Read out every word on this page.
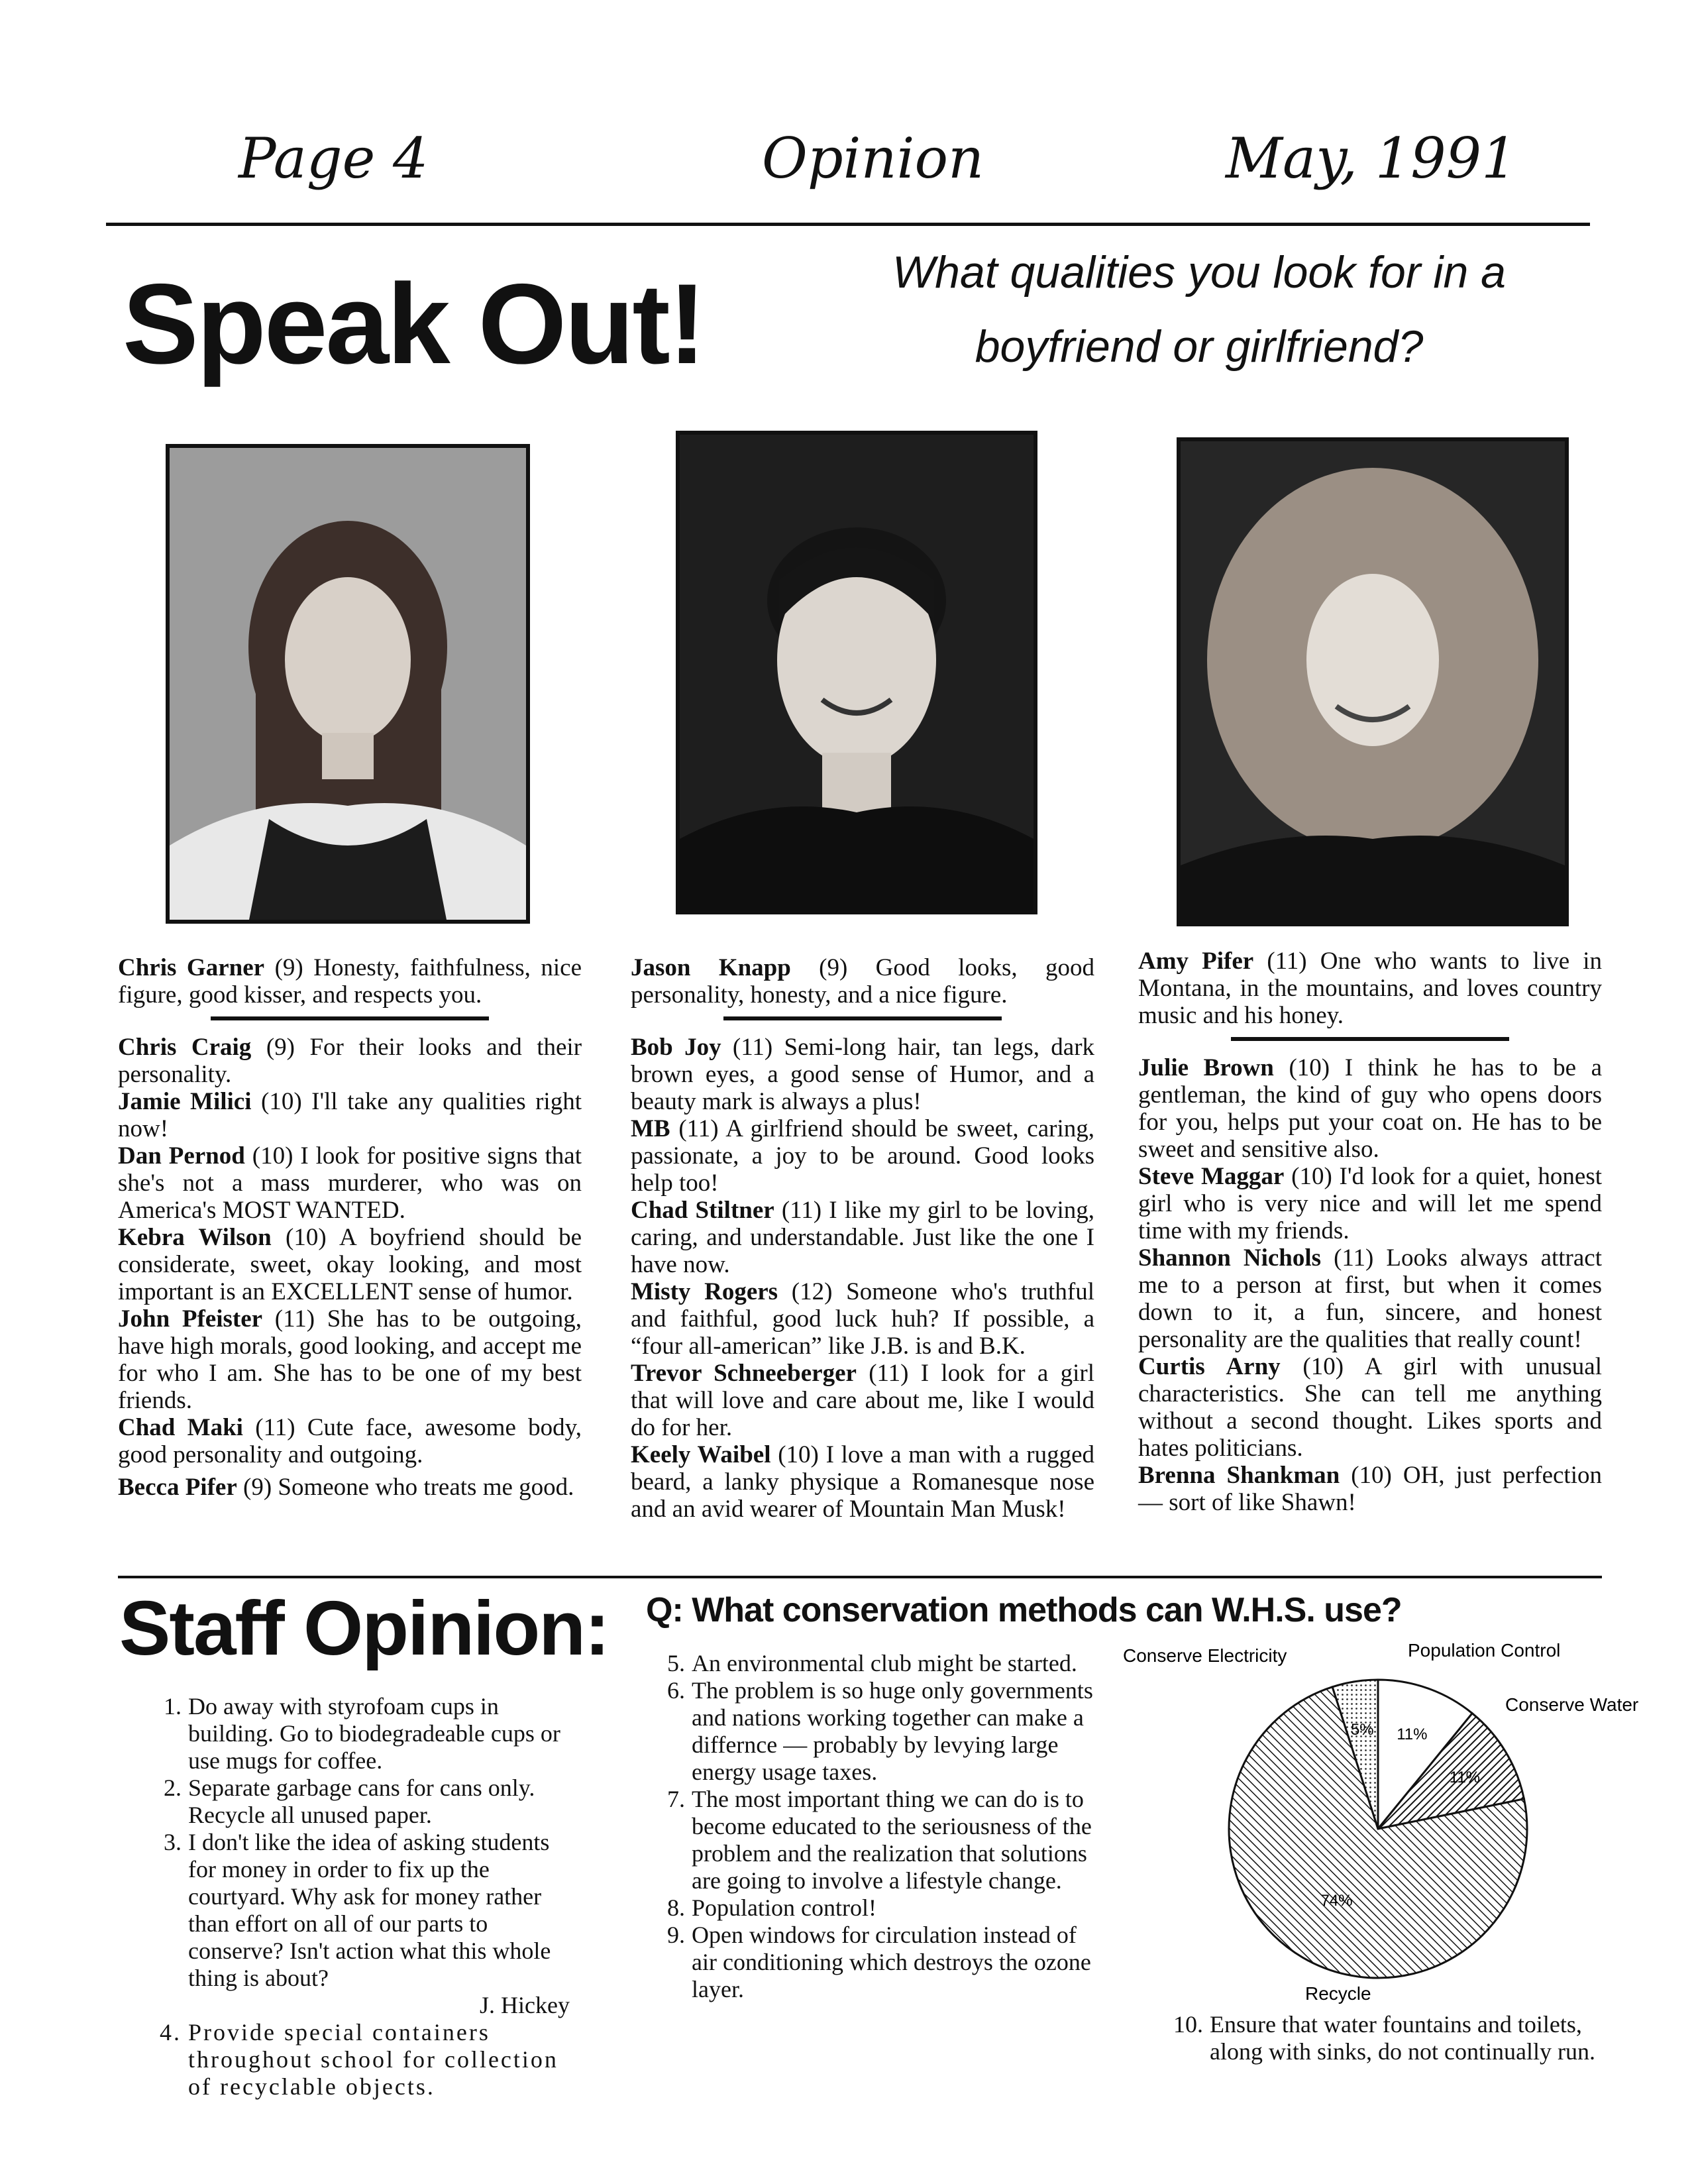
Page 4	Opinion	May, 1991
Speak Out!	What qualities you look for in a
boyfriend or girlfriend?

Chris Garner (9) Honesty, faithfulness, nice figure, good kisser, and respects you.

Chris Craig (9) For their looks and their personality.

Jamie Milici (10) I'll take any qualities right now!

Dan Pernod (10) I look for positive signs that she's not a mass murderer, who was on America's MOST WANTED.

Kebra Wilson (10) A boyfriend should be considerate, sweet, okay looking, and most important is an EXCELLENT sense of humor.

John Pfeister (11) She has to be outgoing, have high morals, good looking, and accept me for who I am. She has to be one of my best friends.

Chad Maki (11) Cute face, awesome body, good personality and outgoing.

Becca Pifer (9) Someone who treats me good.

Jason Knapp (9) Good looks, good personality, honesty, and a nice figure.

Bob Joy (11) Semi-long hair, tan legs, dark brown eyes, a good sense of Humor, and a beauty mark is always a plus!

MB (11) A girlfriend should be sweet, caring, passionate, a joy to be around. Good looks help too!

Chad Stiltner (11) I like my girl to be loving, caring, and understandable. Just like the one I have now.

Misty Rogers (12) Someone who's truthful and faithful, good luck huh? If possible, a “four all-american” like J.B. is and B.K.

Trevor Schneeberger (11) I look for a girl that will love and care about me, like I would do for her.

Keely Waibel (10) I love a man with a rugged beard, a lanky physique a Romanesque nose and an avid wearer of Mountain Man Musk!

Amy Pifer (11) One who wants to live in Montana, in the mountains, and loves country music and his honey.

Julie Brown (10) I think he has to be a gentleman, the kind of guy who opens doors for you, helps put your coat on. He has to be sweet and sensitive also.

Steve Maggar (10) I'd look for a quiet, honest girl who is very nice and will let me spend time with my friends.

Shannon Nichols (11) Looks always attract me to a person at first, but when it comes down to it, a fun, sincere, and honest personality are the qualities that really count!

Curtis Arny (10) A girl with unusual characteristics. She can tell me anything without a second thought. Likes sports and hates politicians.

Brenna Shankman (10) OH, just perfection — sort of like Shawn!

Staff Opinion:
1. Do away with styrofoam cups in building. Go to biodegradeable cups or use mugs for coffee.
2. Separate garbage cans for cans only. Recycle all unused paper.
3. I don't like the idea of asking students for money in order to fix up the courtyard. Why ask for money rather than effort on all of our parts to conserve? Isn't action what this whole thing is about?
J. Hickey
4. Provide special containers throughout school for collection of recyclable objects.
Q: What conservation methods can W.H.S. use?
5. An environmental club might be started.
6. The problem is so huge only governments and nations working together can make a differnce — probably by levying large energy usage taxes.
7. The most important thing we can do is to become educated to the seriousness of the problem and the realization that solutions are going to involve a lifestyle change.
8. Population control!
9. Open windows for circulation instead of air conditioning which destroys the ozone layer.
10. Ensure that water fountains and toilets, along with sinks, do not continually run.
11%
11%
74%
5%
Conserve Electricity	Population Control
Conserve Water
Recycle
